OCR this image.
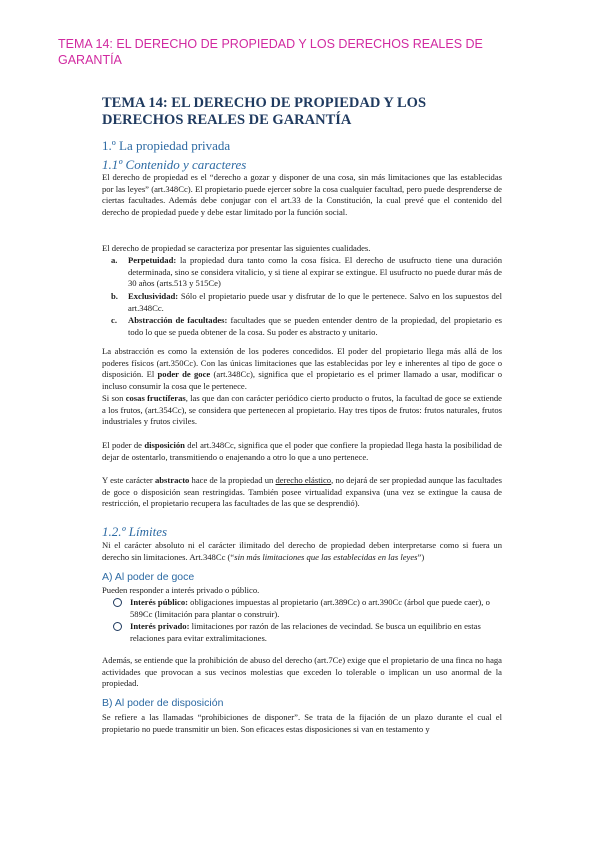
TEMA 14: EL DERECHO DE PROPIEDAD Y LOS DERECHOS REALES DE GARANTÍA
TEMA 14: EL DERECHO DE PROPIEDAD Y LOS DERECHOS REALES DE GARANTÍA
1.º La propiedad privada
1.1º Contenido y caracteres

El derecho de propiedad es el “derecho a gozar y disponer de una cosa, sin más limitaciones que las establecidas por las leyes” (art.348Cc). El propietario puede ejercer sobre la cosa cualquier facultad, pero puede desprenderse de ciertas facultades. Además debe conjugar con el art.33 de la Constitución, la cual prevé que el contenido del derecho de propiedad puede y debe estar limitado por la función social.

El derecho de propiedad se caracteriza por presentar las siguientes cualidades.

a. Perpetuidad: la propiedad dura tanto como la cosa física. El derecho de usufructo tiene una duración determinada, sino se considera vitalicio, y si tiene al expirar se extingue. El usufructo no puede durar más de 30 años (arts.513 y 515Ce)
b. Exclusividad: Sólo el propietario puede usar y disfrutar de lo que le pertenece. Salvo en los supuestos del art.348Cc.
c. Abstracción de facultades: facultades que se pueden entender dentro de la propiedad, del propietario es todo lo que se pueda obtener de la cosa. Su poder es abstracto y unitario.

La abstracción es como la extensión de los poderes concedidos. El poder del propietario llega más allá de los poderes físicos (art.350Cc). Con las únicas limitaciones que las establecidas por ley e inherentes al tipo de goce o disposición. El poder de goce (art.348Cc), significa que el propietario es el primer llamado a usar, modificar o incluso consumir la cosa que le pertenece.

Si son cosas fructíferas, las que dan con carácter periódico cierto producto o frutos, la facultad de goce se extiende a los frutos, (art.354Cc), se considera que pertenecen al propietario. Hay tres tipos de frutos: frutos naturales, frutos industriales y frutos civiles.

El poder de disposición del art.348Cc, significa que el poder que confiere la propiedad llega hasta la posibilidad de dejar de ostentarlo, transmitiendo o enajenando a otro lo que a uno pertenece.

Y este carácter abstracto hace de la propiedad un derecho elástico, no dejará de ser propiedad aunque las facultades de goce o disposición sean restringidas. También posee virtualidad expansiva (una vez se extingue la causa de restricción, el propietario recupera las facultades de las que se desprendió).

1.2.º Límites

Ni el carácter absoluto ni el carácter ilimitado del derecho de propiedad deben interpretarse como si fuera un derecho sin limitaciones. Art.348Cc (“sin más limitaciones que las establecidas en las leyes”)

A) Al poder de goce

Pueden responder a interés privado o público.

Interés público: obligaciones impuestas al propietario (art.389Cc) o art.390Cc (árbol que puede caer), o 589Cc (limitación para plantar o construir).
Interés privado: limitaciones por razón de las relaciones de vecindad. Se busca un equilibrio en estas relaciones para evitar extralimitaciones.

Además, se entiende que la prohibición de abuso del derecho (art.7Ce) exige que el propietario de una finca no haga actividades que provocan a sus vecinos molestias que exceden lo tolerable o implican un uso anormal de la propiedad.

B) Al poder de disposición

Se refiere a las llamadas “prohibiciones de disponer”. Se trata de la fijación de un plazo durante el cual el propietario no puede transmitir un bien. Son eficaces estas disposiciones si van en testamento y
